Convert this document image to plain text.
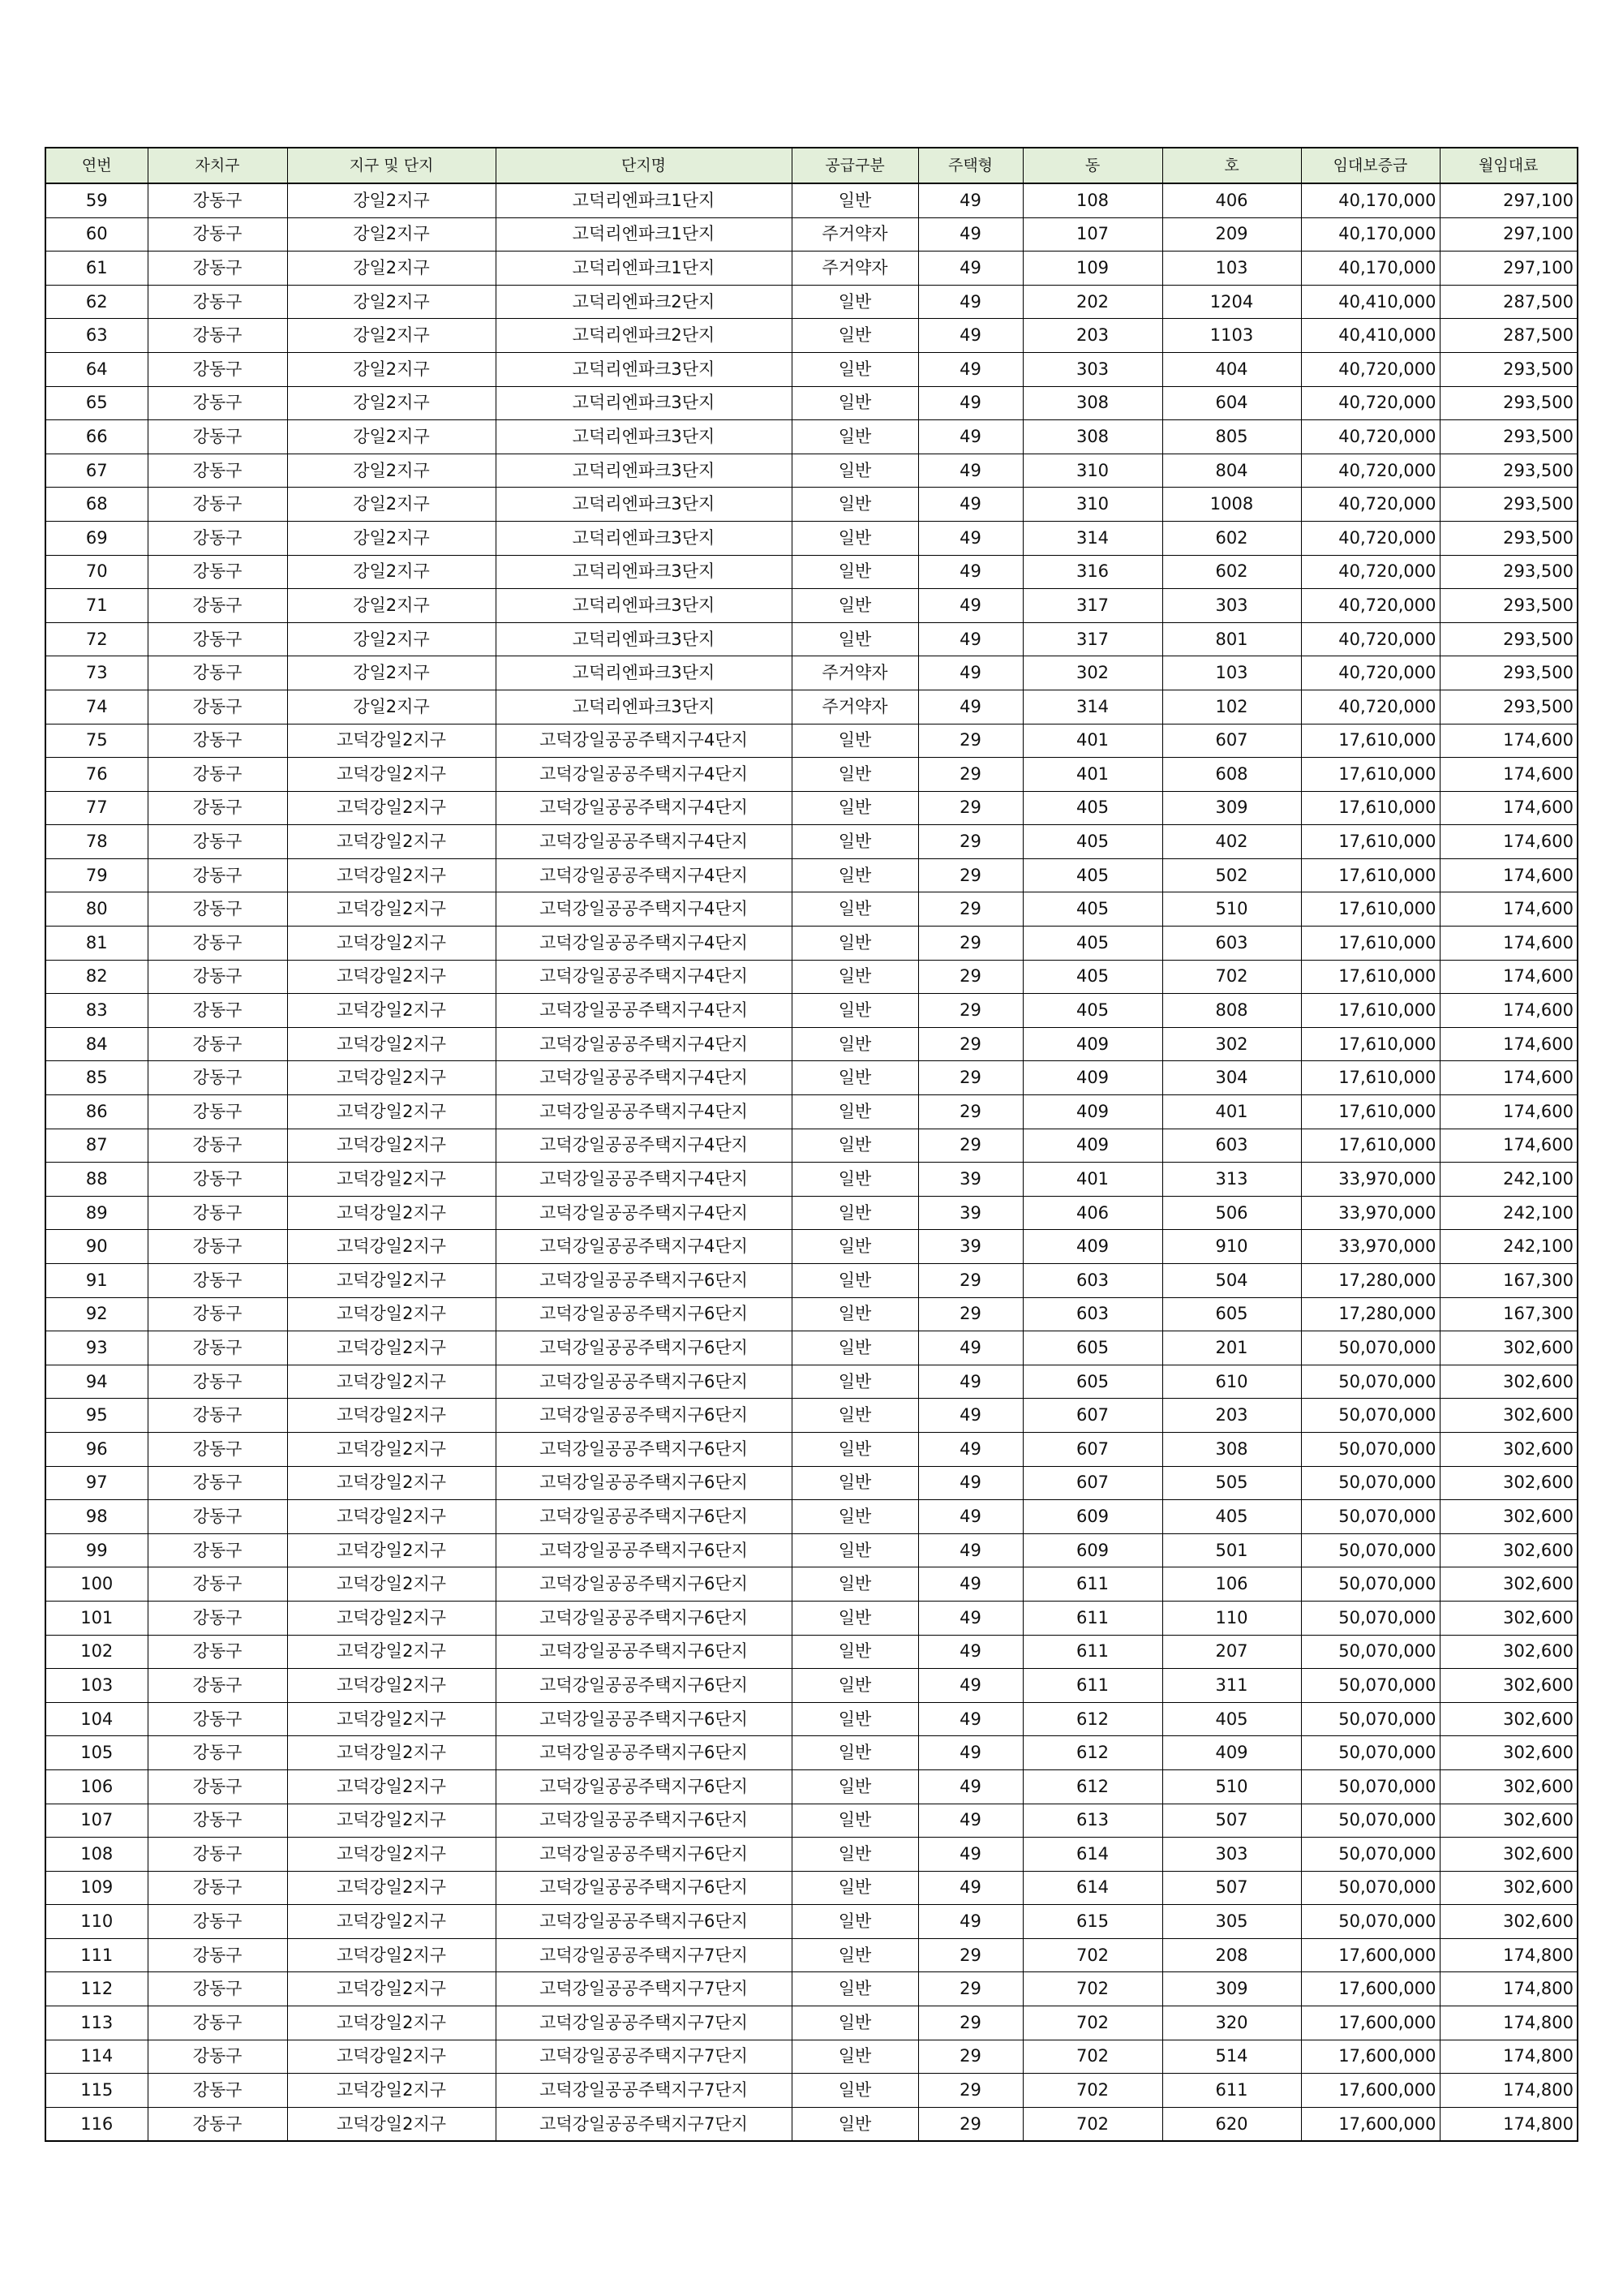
연번	자치구	지구 및 단지	단지명	공급구분	주택형	동	호	임대보증금	월임대료
59	강동구	강일2지구	고덕리엔파크1단지	일반	49	108	406	40,170,000	297,100
60	강동구	강일2지구	고덕리엔파크1단지	주거약자	49	107	209	40,170,000	297,100
61	강동구	강일2지구	고덕리엔파크1단지	주거약자	49	109	103	40,170,000	297,100
62	강동구	강일2지구	고덕리엔파크2단지	일반	49	202	1204	40,410,000	287,500
63	강동구	강일2지구	고덕리엔파크2단지	일반	49	203	1103	40,410,000	287,500
64	강동구	강일2지구	고덕리엔파크3단지	일반	49	303	404	40,720,000	293,500
65	강동구	강일2지구	고덕리엔파크3단지	일반	49	308	604	40,720,000	293,500
66	강동구	강일2지구	고덕리엔파크3단지	일반	49	308	805	40,720,000	293,500
67	강동구	강일2지구	고덕리엔파크3단지	일반	49	310	804	40,720,000	293,500
68	강동구	강일2지구	고덕리엔파크3단지	일반	49	310	1008	40,720,000	293,500
69	강동구	강일2지구	고덕리엔파크3단지	일반	49	314	602	40,720,000	293,500
70	강동구	강일2지구	고덕리엔파크3단지	일반	49	316	602	40,720,000	293,500
71	강동구	강일2지구	고덕리엔파크3단지	일반	49	317	303	40,720,000	293,500
72	강동구	강일2지구	고덕리엔파크3단지	일반	49	317	801	40,720,000	293,500
73	강동구	강일2지구	고덕리엔파크3단지	주거약자	49	302	103	40,720,000	293,500
74	강동구	강일2지구	고덕리엔파크3단지	주거약자	49	314	102	40,720,000	293,500
75	강동구	고덕강일2지구	고덕강일공공주택지구4단지	일반	29	401	607	17,610,000	174,600
76	강동구	고덕강일2지구	고덕강일공공주택지구4단지	일반	29	401	608	17,610,000	174,600
77	강동구	고덕강일2지구	고덕강일공공주택지구4단지	일반	29	405	309	17,610,000	174,600
78	강동구	고덕강일2지구	고덕강일공공주택지구4단지	일반	29	405	402	17,610,000	174,600
79	강동구	고덕강일2지구	고덕강일공공주택지구4단지	일반	29	405	502	17,610,000	174,600
80	강동구	고덕강일2지구	고덕강일공공주택지구4단지	일반	29	405	510	17,610,000	174,600
81	강동구	고덕강일2지구	고덕강일공공주택지구4단지	일반	29	405	603	17,610,000	174,600
82	강동구	고덕강일2지구	고덕강일공공주택지구4단지	일반	29	405	702	17,610,000	174,600
83	강동구	고덕강일2지구	고덕강일공공주택지구4단지	일반	29	405	808	17,610,000	174,600
84	강동구	고덕강일2지구	고덕강일공공주택지구4단지	일반	29	409	302	17,610,000	174,600
85	강동구	고덕강일2지구	고덕강일공공주택지구4단지	일반	29	409	304	17,610,000	174,600
86	강동구	고덕강일2지구	고덕강일공공주택지구4단지	일반	29	409	401	17,610,000	174,600
87	강동구	고덕강일2지구	고덕강일공공주택지구4단지	일반	29	409	603	17,610,000	174,600
88	강동구	고덕강일2지구	고덕강일공공주택지구4단지	일반	39	401	313	33,970,000	242,100
89	강동구	고덕강일2지구	고덕강일공공주택지구4단지	일반	39	406	506	33,970,000	242,100
90	강동구	고덕강일2지구	고덕강일공공주택지구4단지	일반	39	409	910	33,970,000	242,100
91	강동구	고덕강일2지구	고덕강일공공주택지구6단지	일반	29	603	504	17,280,000	167,300
92	강동구	고덕강일2지구	고덕강일공공주택지구6단지	일반	29	603	605	17,280,000	167,300
93	강동구	고덕강일2지구	고덕강일공공주택지구6단지	일반	49	605	201	50,070,000	302,600
94	강동구	고덕강일2지구	고덕강일공공주택지구6단지	일반	49	605	610	50,070,000	302,600
95	강동구	고덕강일2지구	고덕강일공공주택지구6단지	일반	49	607	203	50,070,000	302,600
96	강동구	고덕강일2지구	고덕강일공공주택지구6단지	일반	49	607	308	50,070,000	302,600
97	강동구	고덕강일2지구	고덕강일공공주택지구6단지	일반	49	607	505	50,070,000	302,600
98	강동구	고덕강일2지구	고덕강일공공주택지구6단지	일반	49	609	405	50,070,000	302,600
99	강동구	고덕강일2지구	고덕강일공공주택지구6단지	일반	49	609	501	50,070,000	302,600
100	강동구	고덕강일2지구	고덕강일공공주택지구6단지	일반	49	611	106	50,070,000	302,600
101	강동구	고덕강일2지구	고덕강일공공주택지구6단지	일반	49	611	110	50,070,000	302,600
102	강동구	고덕강일2지구	고덕강일공공주택지구6단지	일반	49	611	207	50,070,000	302,600
103	강동구	고덕강일2지구	고덕강일공공주택지구6단지	일반	49	611	311	50,070,000	302,600
104	강동구	고덕강일2지구	고덕강일공공주택지구6단지	일반	49	612	405	50,070,000	302,600
105	강동구	고덕강일2지구	고덕강일공공주택지구6단지	일반	49	612	409	50,070,000	302,600
106	강동구	고덕강일2지구	고덕강일공공주택지구6단지	일반	49	612	510	50,070,000	302,600
107	강동구	고덕강일2지구	고덕강일공공주택지구6단지	일반	49	613	507	50,070,000	302,600
108	강동구	고덕강일2지구	고덕강일공공주택지구6단지	일반	49	614	303	50,070,000	302,600
109	강동구	고덕강일2지구	고덕강일공공주택지구6단지	일반	49	614	507	50,070,000	302,600
110	강동구	고덕강일2지구	고덕강일공공주택지구6단지	일반	49	615	305	50,070,000	302,600
111	강동구	고덕강일2지구	고덕강일공공주택지구7단지	일반	29	702	208	17,600,000	174,800
112	강동구	고덕강일2지구	고덕강일공공주택지구7단지	일반	29	702	309	17,600,000	174,800
113	강동구	고덕강일2지구	고덕강일공공주택지구7단지	일반	29	702	320	17,600,000	174,800
114	강동구	고덕강일2지구	고덕강일공공주택지구7단지	일반	29	702	514	17,600,000	174,800
115	강동구	고덕강일2지구	고덕강일공공주택지구7단지	일반	29	702	611	17,600,000	174,800
116	강동구	고덕강일2지구	고덕강일공공주택지구7단지	일반	29	702	620	17,600,000	174,800
